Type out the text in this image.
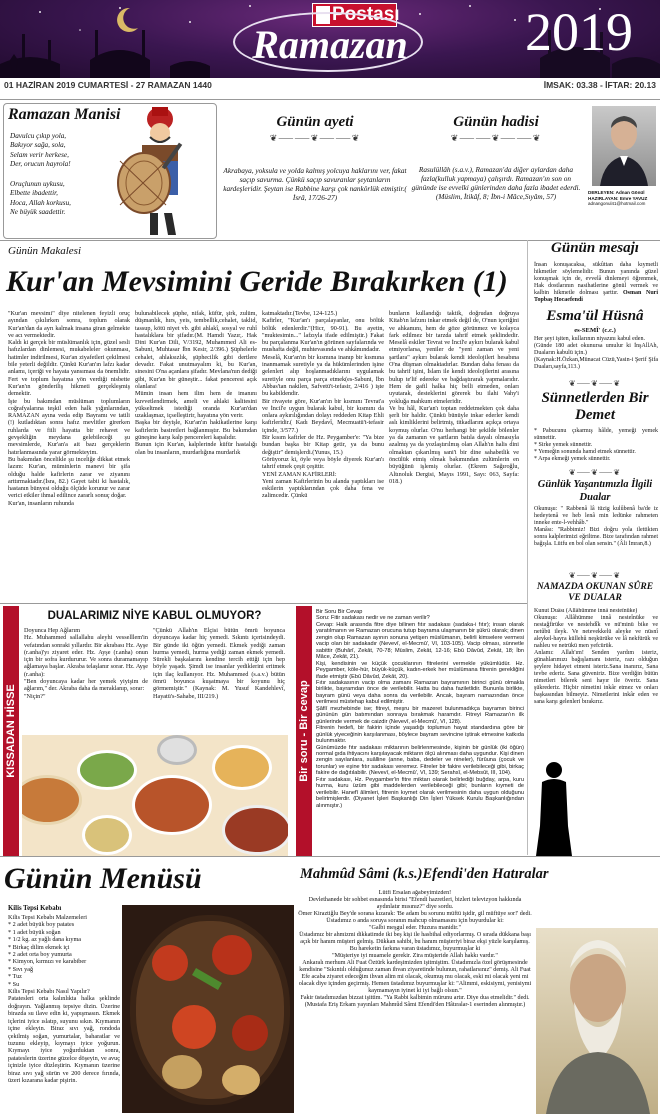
Postası
Ramazan 2019
01 HAZİRAN 2019 CUMARTESİ - 27 RAMAZAN 1440	İMSAK: 03.38 - İFTAR: 20.13
Ramazan Manisi
Davulcu çıkıp yola,
Bakıyor sağa, sola,
Selam verir herkese,
Der, orucun hayrola!
Oruçlunun uykusu,
Elbette ibadettir,
Hoca, Allah korkusu,
Ne büyük saadettir.
Günün ayeti
❦⸺⸺❦⸺⸺❦
Akrabaya, yoksula ve yolda kalmış yolcuya haklarını ver, fakat saçıp savurma. Çünkü saçıp savuranlar şeytanların kardeşleridir. Şeytan ise Rabbine karşı çok nankörlük etmiştir.( İsrâ, 17/26-27)
Günün hadisi
❦⸺⸺❦⸺⸺❦
Rasulüllâh (s.a.v.), Ramazan'da diğer aylardan daha fazla(kulluk yapmaya) çalışırdı. Ramazan'ın son on gününde ise evvelki günlerinden daha fazla ibadet ederdi. (Müslim, İtikâf, 8; İbn-i Mâce,Sıyâm, 57)	DERLEYEN: Adnan Gönül HAZIRLAYAN: Emre YAVUZ
adnangonul41@hotmail.com
Günün Makalesi
Kur'an Mevsimini Geride Bırakırken (1)
"Kur'an mevsimi" diye nitelenen feyizli oruç ayından çıkılırken sonra, toplum olarak Kur'an'dan da ayrı kalmak insana giran gelmekte ve acı vermektedir.
Kaldı ki gerçek bir müslümanlık için, güzel sesli hafızlardan dinlemesi, mukabeleler okunması, hatimler indirilmesi, Kur'an ziyafetleri çekilmesi bile yeterli değildir. Çünkü Kur'an'ın lafzı kadar anlamı, içeriği ve hayata yansıması da önemlidir. Fert ve toplum hayatına yön verdiği nisbette Kur'an'ın gönderiliş hikmeti gerçekleşmiş demektir.
İşte bu bakımdan müslüman toplumların coğrafyalarına teşkil eden halk yığınlarından, RAMAZAN ayına veda edip Bayramı ve tatili (!) kutladıktan sonra hafız mevlitler girerken ruhlarda ve fiili hayatta bir rehavet ve gevşekliğin meydana gelebileceği şu mevsimlerde, Kur'an'a ait bazı gerçeklerin hatırlanmasında yarar görmekteyim.
Bu bakımdan öncelikle şu inceliğe dikkat etmek lazım: Kur'an, müminlerin manevi bir şifa olduğu halde kafirlerin zarar ve ziyanını arttırmaktadır.(İsra, 82.) Gayet tabii ki hastalık, hastanın bünyesi olduğu ölçüde korunur ve zarar verici etkiler ihmal edilince zararlı sonuç doğar.
Kur'an, insanların ruhunda
bulunabilecek şüphe, nifak, küfür, şirk, zulüm, düşmanlık, hırs, yeis, tembellik,cehalet, taklid, tassup, kötü niyet vb. gibi ahlakî, sosyal ve ruhî hastalıklara bir şifadır.(M. Hamdi Yazır,. Hak Dini Kur'an Dili, V/3192, Muhammed Ali es-Sabuni, Muhtasar İbn Kesir, 2/396.) Şüphelerle cehalet, ahlaksızlık, şüphecilik gibi dertlere devadır. Fakat unutmayalım ki, bu Kur'an, sinesini O'na açanlara şifadır. Mevlana'nın dediği gibi, Kur'an bir güneştir... fakat penceresi açık olanlara!
Mümin insan hem ilim hem de imanını kuvvetlendirmek, ameli ve ahlaki kalitesini yükseltmek istediği oranda Kur'an'dan uzaklaşmaz, içselleştirir, hayatına yön verir.
Başka bir deyişle, Kur'an'ın hakikatlerine karşı kafirlerin basiretleri bağlanmıştır. Bu bakımdan güneşine karşı kalp pencereleri kapalıdır.
Bunun için Kur'an, kalplerinde küfür hastalığı olan bu insanların, murdarlığına murdarlık
katmaktadır.(Tevbe, 124-125.)
Kafirler, "Kur'an'ı parçalayanlar, onu bölük bölük edenlerdir."(Hicr, 90-91). Bu ayetin, "muktesimin..." lafzıyla ifade edilmiştir.) Fakat bu parçalanma Kur'an'ın görünen sayfalarında ve mushafta değil, muhtevasında ve ahkâmındadır.
Meselâ, Kur'an'ın bir kısmına inanıp bir kısmına inanmamak suretiyle ya da hükümlerinden işine gelenleri alıp hoşlanmadıklarını uygulamak suretiyle onu parça parça etmek(es-Sabuni, İbn Abbas'tan nakilen, Safvetü't-tefasir, 2/416 ) işte bu kabildendir.
Bir rivayete göre, Kur'an'ın bir kısmını Tevrat'a ve İncil'e uygun bularak kabul, bir kısmını da onlara aykırılığından dolayı reddeden Kitap Ehli kafirleridir.( Kadı Beydavî, Mecmuatü't-tefasir içinde, 3/577.)
Bir kısım kafirler de Hz. Peygamber'e: "Ya bize bundan başka bir Kitap getir, ya da bunu değiştir" demişlerdi.(Yunus, 15.)
Görüyoruz ki, öyle veya böyle diyerek Kur'an'ı tahrif etmek çeşit çeşittir.
YENİ ZAMAN KAFİRLERİ:
Yeni zaman Kafirlerinin bu alanda yaptıkları ise eskilerin yaptıklarından çok daha fena ve zalimcedir. Çünkü
bunların kullandığı taktik, doğrudan doğruya Kitab'ın lafzını inkar etmek değil de, O'nun içeriğini ve ahkamını, hem de göze görünmez ve kolayca fark edilmez bir tarzda tahrif etmek şeklindedir. Meselâ eskiler Tevrat ve İncil'e aykırı bularak kabul etmiyorlarsa, yeniler de "yeni zaman ve yeni şartlara" aykırı bularak kendi ideolojileri hesabına O'na düşman olmaktadırlar. Bundan daha fenası da bu tahrif işini, İslam ile kendi ideolojilerini arasına bulup te'lif edereke ve bağdaştırarak yapmalarıdır. Hem de gafil halka hiç belli etmeden, onları uyutarak, desteklerini görerek bu ilahi Vahy'i yokluğa mahkum etmeleridir.
Ve bu hâl, Kur'an'ı toptan reddetmekten çok daha şerli bir haldir. Çünkü bünüyle inkar ederler kendi aslı kimliklerini belirtmiş, titkadlarını açıkça ortaya koymuş olurlar. O'nu herhangi bir şekilde bölenler ya da zamanın ve şartların batıla dayalı olmasıyla azalmış ya da yozlaştırılmış olan Allah'ın halis dini olmaktan çıkarılmış sani'i bir dine sahabetlik ve öncülük etmiş olmak bakımından zulümlerin en büyüğünü işlemiş olurlar. (Ekrem Sağıroğlu, Altınoluk Dergisi, Mayıs 1991, Sayı: 063, Sayfa: 018.)
Günün mesajı
İnsan konuşacaksa, sükûttan daha kıymetli hikmetler söylemelidir. Bunun yanında güzel konuşmak için de, evvelâ dinlemeyi öğrenmek, Hak dostlarının nasihatlerine gönül vermek ve kalbin hikmetle dolması şarttır. Osman Nuri Topbaş Hocaefendi
Esma'ül Hüsnâ
es-SEMÎ' (c.c.)
Her şeyi işiten, kullarının niyazını kabul eden.
(Günde 180 adet okunursa umulur ki İnşAllAh, Duaların kabulü için.)
(Kaynak:H.Özkan,Münacat Cüzü,Yasin-i Şerif Şifa Duaları,sayfa,113.)
❦⸺❦⸺❦
Sünnetlerden Bir Demet
* Pabucunu çıkarmış hâlde, yemeği yemek sünnettir.
* Sirke yemek sünnettir.
* Yemeğin sonunda hamd etmek sünnettir.
* Arpa ekmeği yemek sünnettir.
❦⸺❦⸺❦
Günlük Yaşantımızla İlgili Dualar
Okunuşu: " Rabbenâ lâ tüzig kulûbenâ ba'de iz hedeytenâ ve heb lenâ min ledünke rahmeten inneke ente-l-vehhâb."
Manâsı: "Rabbimiz! Bizi doğru yola ilettikten sonra kalplerimizi eğriltme. Bize tarafından rahmet bağışla. Lütfu en bol olan sensin." (Âli İmran,8.)
❦⸺❦⸺❦
NAMAZDA OKUNAN SÛRE VE DUALAR
Kunut Duâsı (Allâhümme innâ nesteînüke)
Okunuşu: Allâhümme innâ nesteînüke ve nestağfirüke ve nestehdîk ve nü'minü bike ve netûbü ileyk. Ve netevekkelü aleyke ve nüsnî aleykel-hayra küllehû neşkürüke ve lâ nekfürük ve nahleu ve netrükü men yefcürük.
Anlamı: Allah'ım! Senden yardım isteriz, günahlarımızı bağışlamanı isteriz, razı olduğun şeylere hidayet etmeni isteriz.Sana inanırız, Sana tevbe ederiz. Sana güveniriz. Bize verdiğin bütün nimetleri bilerek seni hayır ile överiz. Sana şükrederiz. Hiçbir nimetini inkâr etmez ve onları başkasından bilmeyiz. Nimetlerini inkâr eden ve sana karşı gelenleri bırakırız.
KISSADAN HİSSE
DUALARIMIZ NİYE KABUL OLMUYOR?
Doyunca Hep Ağlarım
Hz. Muhammed sallallahu aleyhi vesselllem'in vefatından sonraki yıllardır. Bir akrabası Hz. Ayşe (r.anha)'yı ziyaret eder. Hz. Ayşe (r.anha) onun için bir sofra kurdururur. Ve sonra duramamayıp ağlamaya başlar. Akraba telaşlanır sorar. Hz. Ayşe (r.anha):
"Ben doyuncaya kadar her yemek yiyişim de ağlarım," der. Akraba daha da meraklanıp, sorar:
"Niçin?"
"Çünkü Allah'ın Elçisi bütün ömrü boyunca doyuncaya kadar hiç yemedi. Sıkıntı içerisindeydi. Bir günde iki öğün yemedi. Ekmek yediği zaman hurma yemedi, hurma yediği zaman ekmek yemedi. Sürekli başkalarını kendine tercih ettiği için hep böyle yaşadı. Şimdi ise insanlar yediklerini eritmek için ilaç kullanıyor. Hz. Muhammed (s.a.v.) bütün ömrü boyunca kuşatmaya bir koyunu hiç görmemiştir." (Kaynak: M. Yusuf Kandehlevî, Hayatü's-Sahabe, III/219.)	Bir soru - Bir cevap
Bir Soru Bir Cevap
Soru: Fitir sadakası nedir ve ne zaman verilir?
Cevap: Halk arasında fitre diye bilinen fıtır sadakası (sadaka-i fıtır); insan olarak yaratılmanın ve Ramazan orucuna tutup bayrama ulaşmanın bir şükrü olarak; dinen zengin olup Ramazan ayının sonuna yetişen müslümanın, belirli kimselere vermesi vacip olan bir sadakadır (Nevevî, el-Mecmû', VI, 103-105). Vacip olması, sünnetle sabittir (Buhârî, Zekât, 70-78; Müslim, Zekât, 12-16; Ebû Dâvûd, Zekât, 18; İbn Mâce, Zekât, 21).
Kişi, kendisinin ve küçük çocuklarının fitrelerini vermekle yükümlüdür. Hz. Peygamber, köle-hür, büyük-küçük, kadın-erkek her müslümana fitrenin gerekliğini ifade etmiştir (Ebû Dâvûd, Zekât, 20).
Fıtır sadakasının vacip olma zamanı Ramazan bayramının birinci günü olmakla birlikte, bayramdan önce de verilebilir. Hatta bu daha faziletlidir. Bununla birlikte, bayram günü veya daha sonra da verilebilir. Ancak, bayram namazından önce verilmesi müstehap kabul edilmiştir.
Şâfiî mezhebinde ise; fitreyi, meşru bir mazeret bulunmadıkça bayramın birinci gününün gün batımından sonraya bırakmak haramdır. Fitreyi Ramazan'ın ilk günlerinde vermek de caizdir (Nevevî, el-Mecmû', VI, 128).
Fitrenin hedefi, bir fakirin içinde yaşadığı toplumun hayat standardına göre bir günlük yiyeceğinin karşılanması, böylece bayram sevincine iştirak etmesine katkıda bulunmaktır.
Günümüzde fıtır sadakası miktarının belirlenmesinde, kişinin bir günlük (iki öğün) normal gıda ihtiyacını karşılayacak miktarın ölçü alınması daha uygundur. Kişi dinen zengin sayılanlara, suâlline (anne, baba, dedeler ve nineler), fürûuna (çocuk ve torunlar) ve eşine fıtır sadakası veremez. Fitreler bir fakire verilebileceği gibi, birkaç fakire de dağıtılabilir. (Nevevî, el-Mecmû', VI, 139; Serahsî, el-Mebsût, III, 104).
Fıtır sadakası, Hz. Peygamber'in fitre miktarı olarak belirlediği buğday, arpa, kuru hurma, kuru üzüm gibi maddelerden verilebileceği gibi; bunların kıymeti de verilebilir. Hanefî âlimleri, fitrenin kıymet olarak verilmesinin daha uygun olduğunu belirtmişlerdir. (Diyanet İşleri Başkanlığı Din İşleri Yüksek Kurulu Başkanlığından alınmıştır.)
Günün Menüsü
Kilis Tepsi Kebabı
Kilis Tepsi Kebabı Malzemeleri
* 2 adet büyük boy patates
* 1 adet büyük soğan
* 1/2 kg. az yağlı dana kıyma
* Birkaç dilim ekmek içi
* 2 adet orta boy yumurta
* Kimyon, kırmızı ve karabiber
* Sıvı yağ
* Tuz
* Su
Kilis Tepsi Kebabı Nasıl Yapılır?
Patatesleri orta kalınlıkta halka şeklinde doğrayın. Yağlanmış tepsiye dizin. Üzerine birazda su ilave edin ki, yapışmasın. Ekmek içlerini iyice ıslatıp, suyunu sıkın. Kıymanın içine ekleyin. Biraz sıvı yağ, rondoda çekilmiş soğan, yumurtalar, baharatlar ve tuzunu ekleyip, kıymayı iyice yoğurun. Kıymayı iyice yoğurduktan sonra, patateslerin üzerine güzelce döşeyin, ve avuç içinizle iyice düzleştirin. Kıymanın üzerine biraz sıvı yağ sürün ve 200 derece fırında, üzeri kızarana kadar pişirin.
Mahmûd Sâmi (k.s.)Efendi'den Hatıralar
Lütfi Ersalan ağabeyimizden!
Devlethanede bir sohbet esnasında birisi "Efendi hazretleri, bizleri televizyon hakkında aydınlatır mısınız?" diye sordu.
Ömer Kiraztiğlu Bey'de sorana kızarak: 'Be adam bu sorunu müftü işidir, gil müftüye sor!' dedi. Üstadımız o anda soruya soranın mahcup olmamasını için buyurdular ki:
"Galbi meşgul eder. Huzura manidir."
Üstadımız bir ahmizmi dikkatimde iki beş kişi ile hasbihal ediyorlarmış. O sırada dükkana başı açık bir hanım müşteri gelmiş. Dükkan sahibi, bu hanım müşteriyi biraz ekşi yüzle karşılamış. Bu hareketin farkına varan üstadımız, buyurmuşlar ki
"Müşteriye iyi muamele gerekir. Zira müşteride Allah hakkı vardır."
Ankaralı merhum Ali Fuat Öztürk kardeşimizden işitmiştim. Üstadımızla özel görüşmesinde kendisine "Sıkıntılı olduğunuz zaman ihvan ziyaretinde bulunun, rahatlarsınız" demiş. Ali Fuat Efe acaba ziyaret edeceğim ihvan alim mi olacak, okumuş mu olacak, eski mi olacak yeni mi olacak diye içinden geçirmiş. Hemen üstadımız buyurmuşlar ki: "Alimmi, eskisiymi, yenisiymi kaymamayın iyinet ki iyi bağlı olsun."
Fakir üstadımızdan bizzat işittim. "Ya Rabbi kalbimin mürunu artır. Diye dua etmelidir." dedi.
(Mustafa Eriş Erkam yayınları Mahmûd Sâmi Efendi'den Hâtıralar-1 eserinden alınmıştır.)
